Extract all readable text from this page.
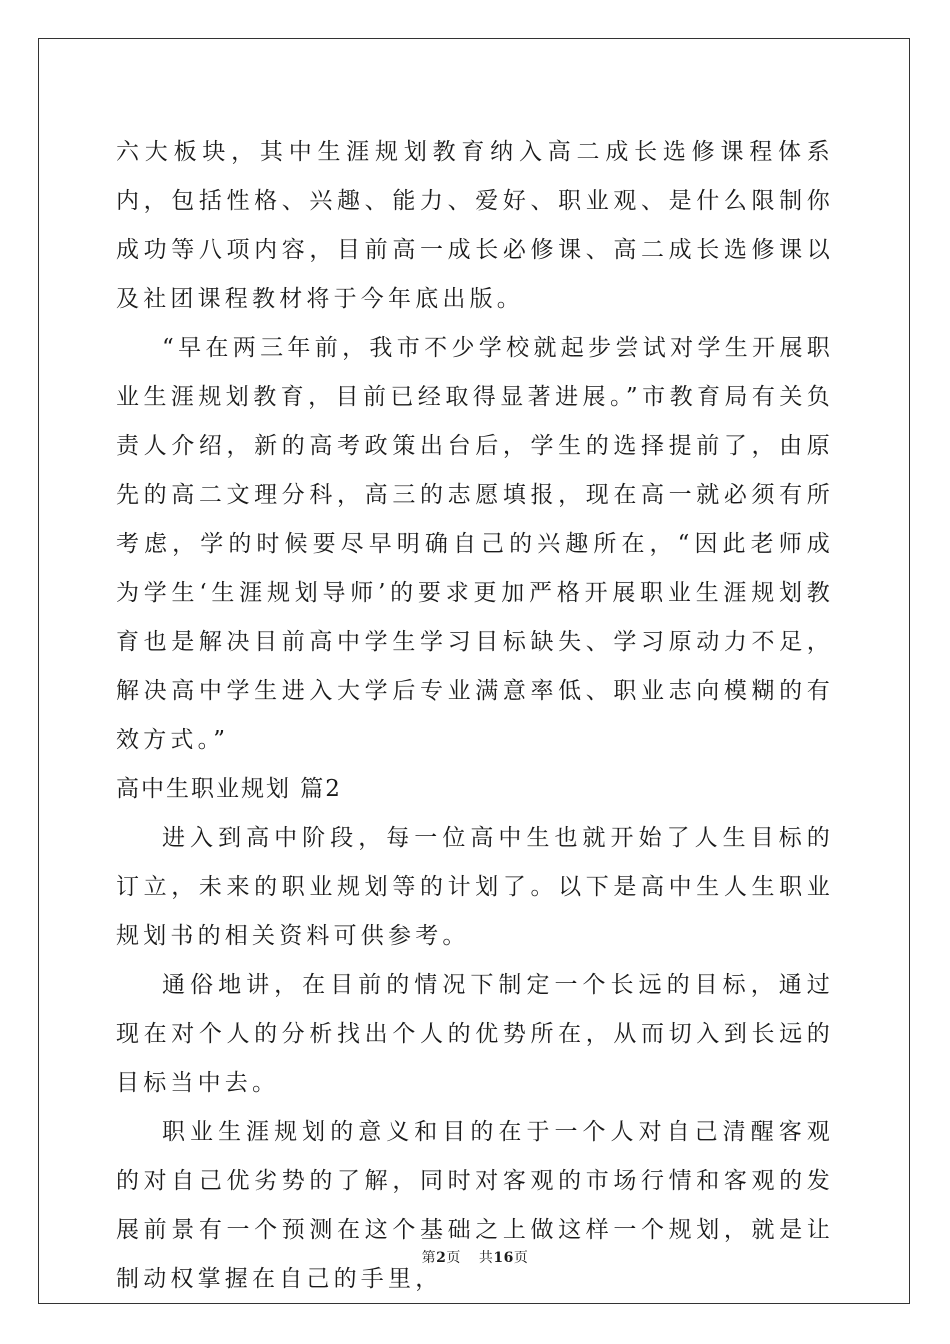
六大板块，其中生涯规划教育纳入高二成长选修课程体系内，包括性格、兴趣、能力、爱好、职业观、是什么限制你成功等八项内容，目前高一成长必修课、高二成长选修课以及社团课程教材将于今年底出版。

“早在两三年前，我市不少学校就起步尝试对学生开展职业生涯规划教育，目前已经取得显著进展。”市教育局有关负责人介绍，新的高考政策出台后，学生的选择提前了，由原先的高二文理分科，高三的志愿填报，现在高一就必须有所考虑，学的时候要尽早明确自己的兴趣所在，“因此老师成为学生‘生涯规划导师’的要求更加严格开展职业生涯规划教育也是解决目前高中学生学习目标缺失、学习原动力不足，解决高中学生进入大学后专业满意率低、职业志向模糊的有效方式。”

高中生职业规划 篇2

进入到高中阶段，每一位高中生也就开始了人生目标的订立，未来的职业规划等的计划了。以下是高中生人生职业规划书的相关资料可供参考。

通俗地讲，在目前的情况下制定一个长远的目标，通过现在对个人的分析找出个人的优势所在，从而切入到长远的目标当中去。

职业生涯规划的意义和目的在于一个人对自己清醒客观的对自己优劣势的了解，同时对客观的市场行情和客观的发展前景有一个预测在这个基础之上做这样一个规划，就是让制动权掌握在自己的手里，

第2页 共16页
